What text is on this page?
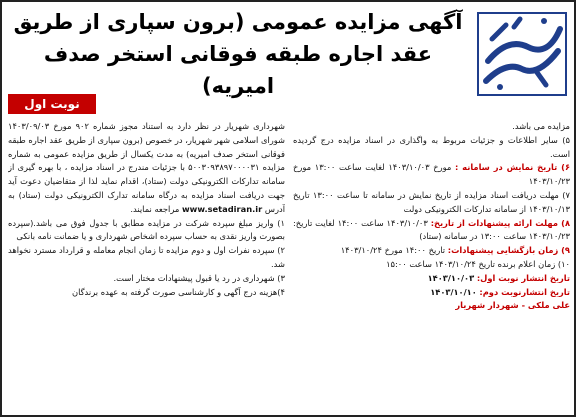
آگهی مزایده عمومی (برون سپاری از طریق
عقد اجاره طبقه فوقانی استخر صدف امیریه)
نوبت اول

شهرداری شهریار در نظر دارد به استناد مجوز شماره ۹۰۲ مورخ ۱۴۰۳/۰۹/۰۳ شورای اسلامی شهر شهریار، در خصوص (برون سپاری از طریق عقد اجاره طبقه فوقانی استخر صدف امیریه) به مدت یکسال از طریق مزایده عمومی به شماره مزایده ۵۰۰۳۰۹۳۸۹۷۰۰۰۰۳۱ با جزئیات مندرج در اسناد مزایده ، با بهره گیری از سامانه تدارکات الکترونیکی دولت (ستاد)، اقدام نماید لذا از متقاضیان دعوت آید جهت دریافت اسناد مزایده به درگاه سامانه تدارک الکترونیکی دولت (ستاد) به آدرس www.setadiran.ir مراجعه نمایند.

۱) واریز مبلغ سپرده شرکت در مزایده مطابق با جدول فوق می باشد.(سپرده بصورت واریز نقدی به حساب سپرده اشخاص شهرداری و یا ضمانت نامه بانکی

۲) سپرده نفرات اول و دوم مزایده تا زمان انجام معامله و قرارداد مسترد نخواهد شد.

۳) شهرداری در رد یا قبول پیشنهادات مختار است.

۴)هزینه درج آگهی و کارشناسی صورت گرفته به عهده برندگان

مزایده می باشد.

۵) سایر اطلاعات و جزئیات مربوط به واگذاری در اسناد مزایده درج گردیده است.

۶) تاریخ نمایش در سامانه : مورخ ۱۴۰۳/۱۰/۰۳ لغایت ساعت ۱۳:۰۰ مورخ ۱۴۰۳/۱۰/۲۳

۷) مهلت دریافت اسناد مزایده از تاریخ نمایش در سامانه تا ساعت ۱۳:۰۰ تاریخ ۱۴۰۳/۱۰/۱۳ از سامانه تدارکات الکترونیکی دولت

۸) مهلت ارائه پیشنهادات از تاریخ: ۱۴۰۳/۱۰/۰۳ ساعت ۱۴:۰۰ لغایت تاریخ: ۱۴۰۳/۱۰/۲۳ ساعت ۱۳:۰۰ در سامانه (ستاد)

۹) زمان بازگشایی پیشنهادات: تاریخ ۱۴:۰۰ مورخ ۱۴۰۳/۱۰/۲۴

۱۰) زمان اعلام برنده تاریخ ۱۴۰۳/۱۰/۲۴ ساعت ۱۵:۰۰

تاریخ انتشار نوبت اول: ۱۴۰۳/۱۰/۰۳

تاریخ انتشارنوبت دوم: ۱۴۰۳/۱۰/۱۰

علی ملکی - شهردار شهریار
